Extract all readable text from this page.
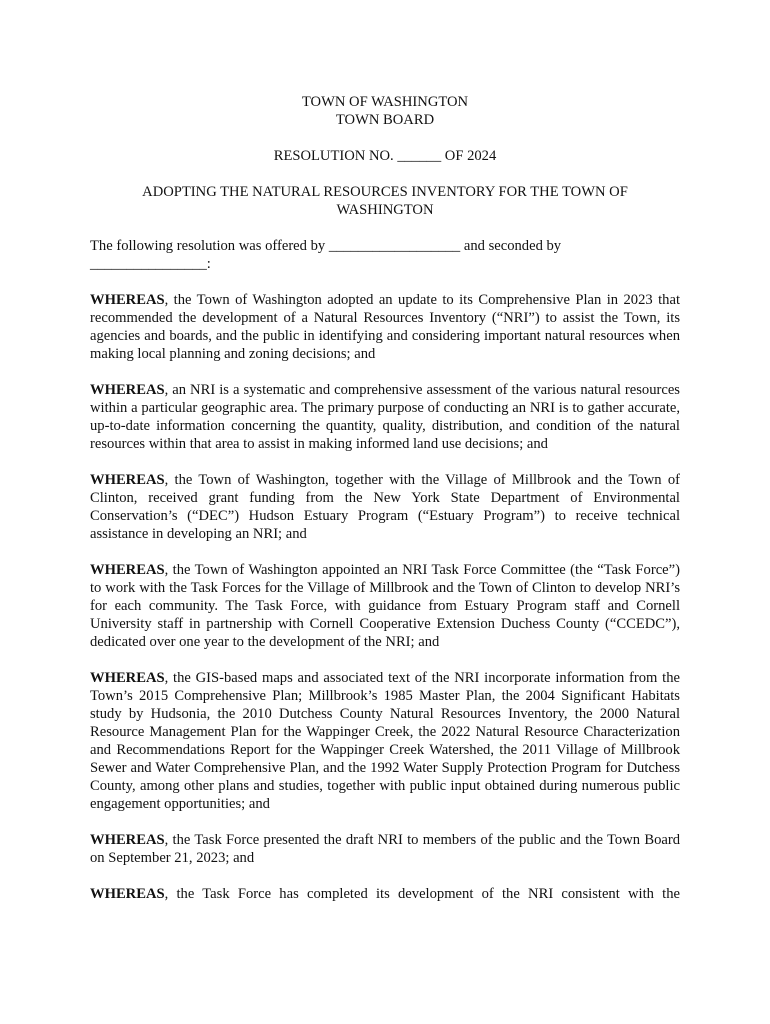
TOWN OF WASHINGTON
TOWN BOARD
RESOLUTION NO. ______ OF 2024
ADOPTING THE NATURAL RESOURCES INVENTORY FOR THE TOWN OF WASHINGTON
The following resolution was offered by __________________ and seconded by
________________:

WHEREAS, the Town of Washington adopted an update to its Comprehensive Plan in 2023 that recommended the development of a Natural Resources Inventory (“NRI”) to assist the Town, its agencies and boards, and the public in identifying and considering important natural resources when making local planning and zoning decisions; and

WHEREAS, an NRI is a systematic and comprehensive assessment of the various natural resources within a particular geographic area. The primary purpose of conducting an NRI is to gather accurate, up-to-date information concerning the quantity, quality, distribution, and condition of the natural resources within that area to assist in making informed land use decisions; and

WHEREAS, the Town of Washington, together with the Village of Millbrook and the Town of Clinton, received grant funding from the New York State Department of Environmental Conservation’s (“DEC”) Hudson Estuary Program (“Estuary Program”) to receive technical assistance in developing an NRI; and

WHEREAS, the Town of Washington appointed an NRI Task Force Committee (the “Task Force”) to work with the Task Forces for the Village of Millbrook and the Town of Clinton to develop NRI’s for each community. The Task Force, with guidance from Estuary Program staff and Cornell University staff in partnership with Cornell Cooperative Extension Duchess County (“CCEDC”), dedicated over one year to the development of the NRI; and

WHEREAS, the GIS-based maps and associated text of the NRI incorporate information from the Town’s 2015 Comprehensive Plan; Millbrook’s 1985 Master Plan, the 2004 Significant Habitats study by Hudsonia, the 2010 Dutchess County Natural Resources Inventory, the 2000 Natural Resource Management Plan for the Wappinger Creek, the 2022 Natural Resource Characterization and Recommendations Report for the Wappinger Creek Watershed, the 2011 Village of Millbrook Sewer and Water Comprehensive Plan, and the 1992 Water Supply Protection Program for Dutchess County, among other plans and studies, together with public input obtained during numerous public engagement opportunities; and

WHEREAS, the Task Force presented the draft NRI to members of the public and the Town Board on September 21, 2023; and

WHEREAS, the Task Force has completed its development of the NRI consistent with the
